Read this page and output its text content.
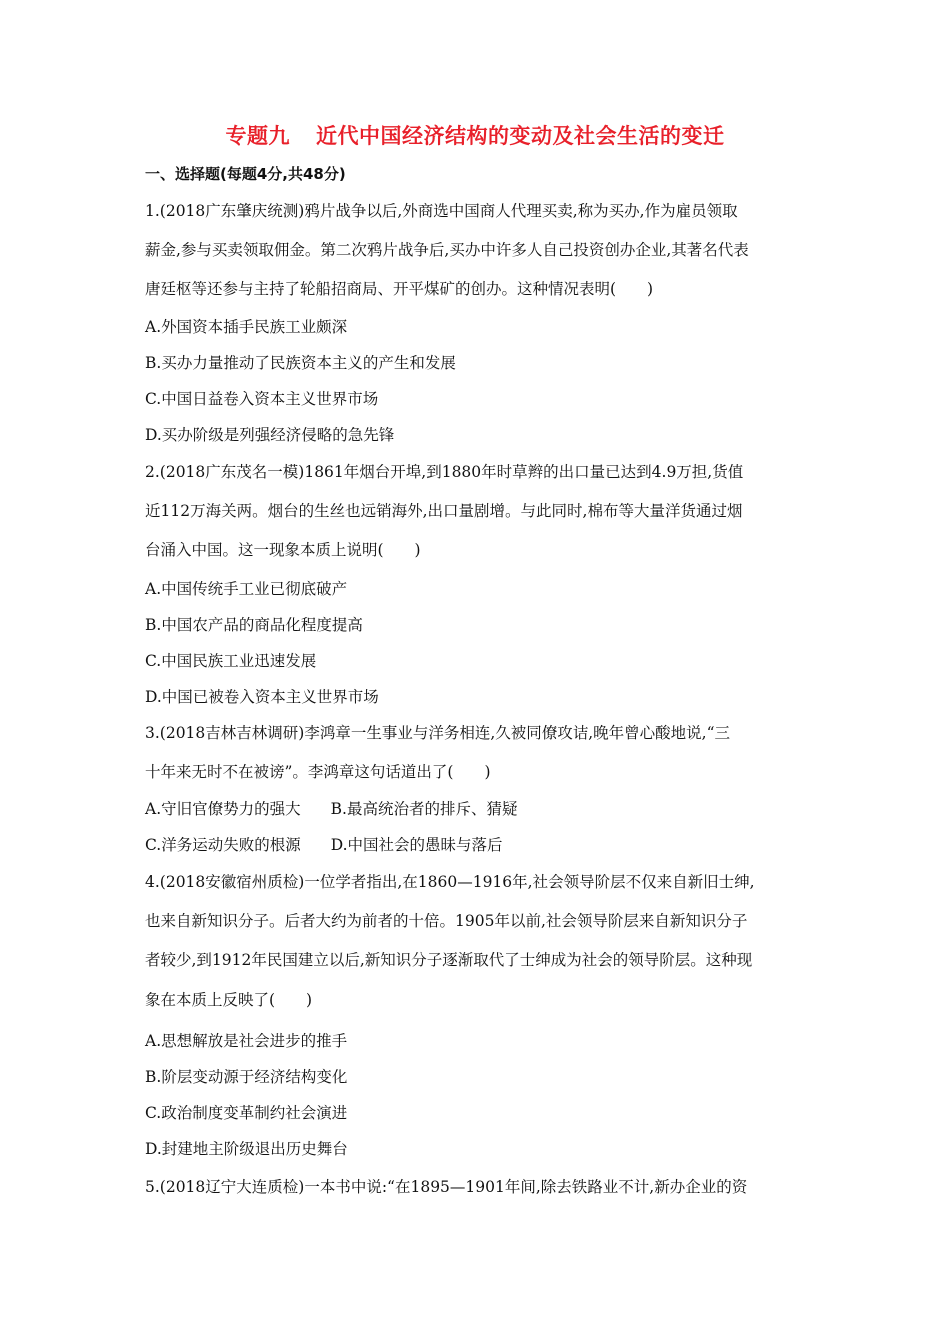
专题九 近代中国经济结构的变动及社会生活的变迁
一、选择题(每题4分,共48分)
1.(2018广东肇庆统测)鸦片战争以后,外商选中国商人代理买卖,称为买办,作为雇员领取
薪金,参与买卖领取佣金。第二次鸦片战争后,买办中许多人自己投资创办企业,其著名代表
唐廷枢等还参与主持了轮船招商局、开平煤矿的创办。这种情况表明(　　)
A.外国资本插手民族工业颇深
B.买办力量推动了民族资本主义的产生和发展
C.中国日益卷入资本主义世界市场
D.买办阶级是列强经济侵略的急先锋
2.(2018广东茂名一模)1861年烟台开埠,到1880年时草辫的出口量已达到4.9万担,货值
近112万海关两。烟台的生丝也远销海外,出口量剧增。与此同时,棉布等大量洋货通过烟
台涌入中国。这一现象本质上说明(　　)
A.中国传统手工业已彻底破产
B.中国农产品的商品化程度提高
C.中国民族工业迅速发展
D.中国已被卷入资本主义世界市场
3.(2018吉林吉林调研)李鸿章一生事业与洋务相连,久被同僚攻诘,晚年曾心酸地说,“三
十年来无时不在被谤”。李鸿章这句话道出了(　　)
A.守旧官僚势力的强大 B.最高统治者的排斥、猜疑
C.洋务运动失败的根源 D.中国社会的愚昧与落后
4.(2018安徽宿州质检)一位学者指出,在1860—1916年,社会领导阶层不仅来自新旧士绅,
也来自新知识分子。后者大约为前者的十倍。1905年以前,社会领导阶层来自新知识分子
者较少,到1912年民国建立以后,新知识分子逐渐取代了士绅成为社会的领导阶层。这种现
象在本质上反映了(　　)
A.思想解放是社会进步的推手
B.阶层变动源于经济结构变化
C.政治制度变革制约社会演进
D.封建地主阶级退出历史舞台
5.(2018辽宁大连质检)一本书中说:“在1895—1901年间,除去铁路业不计,新办企业的资
